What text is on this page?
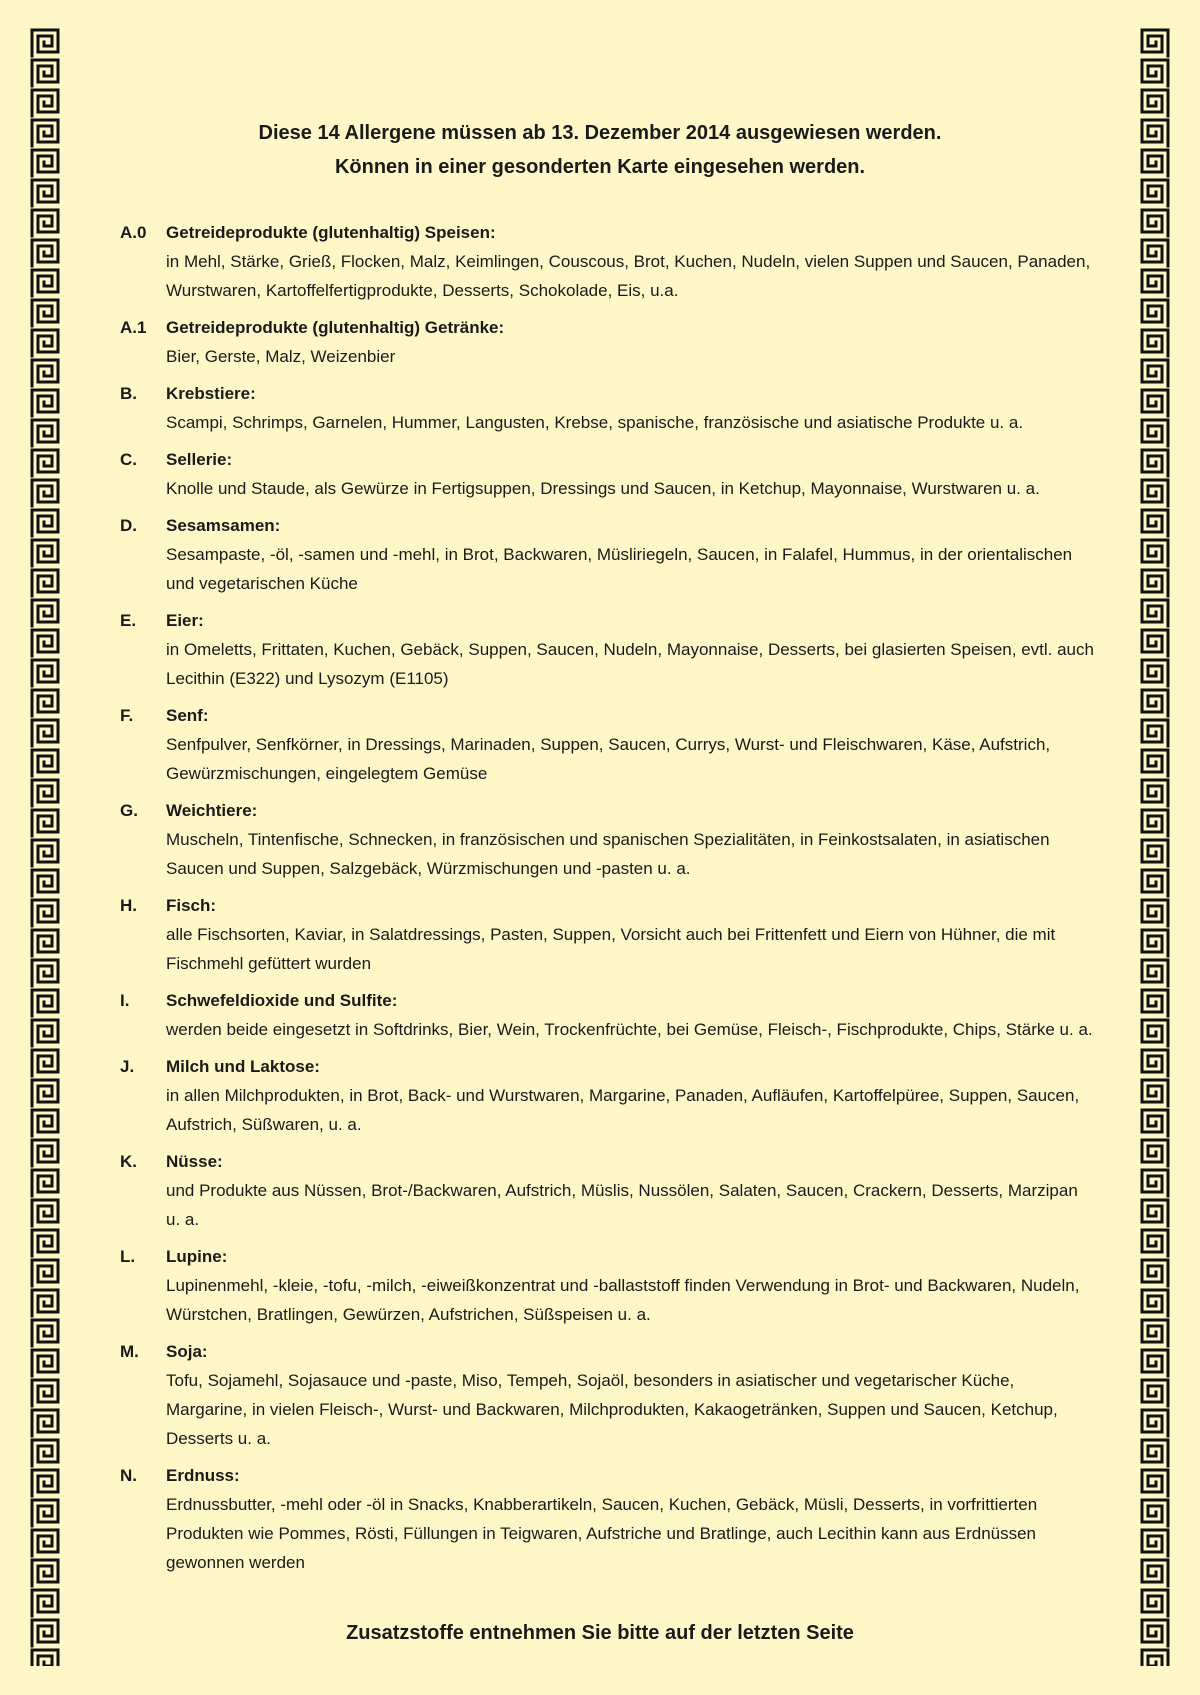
Diese 14 Allergene müssen ab 13. Dezember 2014 ausgewiesen werden.
Können in einer gesonderten Karte eingesehen werden.
A.0 Getreideprodukte (glutenhaltig) Speisen:
in Mehl, Stärke, Grieß, Flocken, Malz, Keimlingen, Couscous, Brot, Kuchen, Nudeln, vielen Suppen und Saucen, Panaden, Wurstwaren, Kartoffelfertigprodukte, Desserts, Schokolade, Eis, u.a.
A.1 Getreideprodukte (glutenhaltig) Getränke:
Bier, Gerste, Malz, Weizenbier
B. Krebstiere:
Scampi, Schrimps, Garnelen, Hummer, Langusten, Krebse, spanische, französische und asiatische Produkte u. a.
C. Sellerie:
Knolle und Staude, als Gewürze in Fertigsuppen, Dressings und Saucen, in Ketchup, Mayonnaise, Wurstwaren u. a.
D. Sesamsamen:
Sesampaste, -öl, -samen und -mehl, in Brot, Backwaren, Müsliriegeln, Saucen, in Falafel, Hummus, in der orientalischen und vegetarischen Küche
E. Eier:
in Omeletts, Frittaten, Kuchen, Gebäck, Suppen, Saucen, Nudeln, Mayonnaise, Desserts, bei glasierten Speisen, evtl. auch Lecithin (E322) und Lysozym (E1105)
F. Senf:
Senfpulver, Senfkörner, in Dressings, Marinaden, Suppen, Saucen, Currys, Wurst- und Fleischwaren, Käse, Aufstrich, Gewürzmischungen, eingelegtem Gemüse
G. Weichtiere:
Muscheln, Tintenfische, Schnecken, in französischen und spanischen Spezialitäten, in Feinkostsalaten, in asiatischen Saucen und Suppen, Salzgebäck, Würzmischungen und -pasten u. a.
H. Fisch:
alle Fischsorten, Kaviar, in Salatdressings, Pasten, Suppen, Vorsicht auch bei Frittenfett und Eiern von Hühner, die mit Fischmehl gefüttert wurden
I. Schwefeldioxide und Sulfite:
werden beide eingesetzt in Softdrinks, Bier, Wein, Trockenfrüchte, bei Gemüse, Fleisch-, Fischprodukte, Chips, Stärke u. a.
J. Milch und Laktose:
in allen Milchprodukten, in Brot, Back- und Wurstwaren, Margarine, Panaden, Aufläufen, Kartoffelpüree, Suppen, Saucen, Aufstrich, Süßwaren, u. a.
K. Nüsse:
und Produkte aus Nüssen, Brot-/Backwaren, Aufstrich, Müslis, Nussölen, Salaten, Saucen, Crackern, Desserts, Marzipan u. a.
L. Lupine:
Lupinenmehl, -kleie, -tofu, -milch, -eiweißkonzentrat und -ballaststoff finden Verwendung in Brot- und Backwaren, Nudeln, Würstchen, Bratlingen, Gewürzen, Aufstrichen, Süßspeisen u. a.
M. Soja:
Tofu, Sojamehl, Sojasauce und -paste, Miso, Tempeh, Sojaöl, besonders in asiatischer und vegetarischer Küche, Margarine, in vielen Fleisch-, Wurst- und Backwaren, Milchprodukten, Kakaogetränken, Suppen und Saucen, Ketchup, Desserts u. a.
N. Erdnuss:
Erdnussbutter, -mehl oder -öl in Snacks, Knabberartikeln, Saucen, Kuchen, Gebäck, Müsli, Desserts, in vorfrittierten Produkten wie Pommes, Rösti, Füllungen in Teigwaren, Aufstriche und Bratlinge, auch Lecithin kann aus Erdnüssen gewonnen werden
Zusatzstoffe entnehmen Sie bitte auf der letzten Seite
